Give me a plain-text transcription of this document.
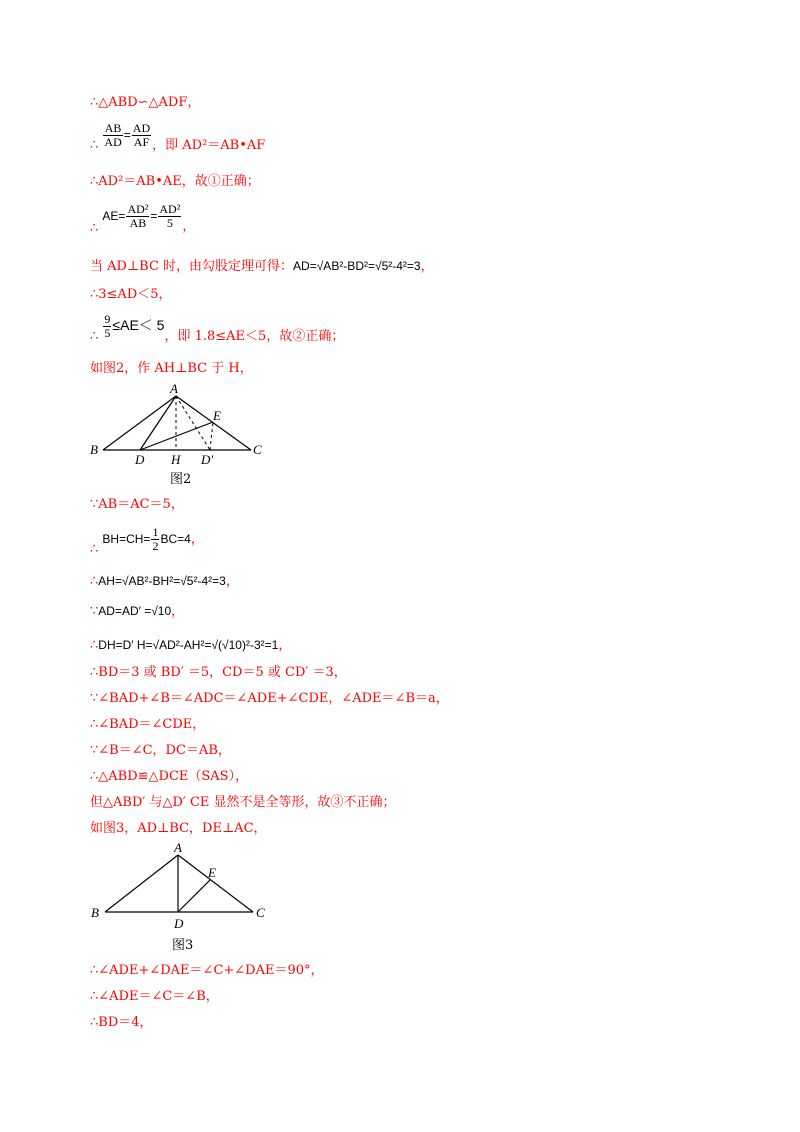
∴△ABD∽△ADF，
∴ $\frac{AB}{AD} = \frac{AD}{AF}$ ，即 AD²＝AB•AF
∴AD²＝AB•AE，故①正确；
∴ $AE= \frac{\text{AD²}}{AB} = \frac{\text{AD²}}{5}$ ，
当 AD⊥BC 时，由勾股定理可得：AD=√AB²-BD²=√5²-4²=3，
∴3≤AD＜5，
∴ $\frac{9}{5} \le AE< 5$，即 1.8≤AE＜5，故②正确；
如图2，作 AH⊥BC 于 H，
A
B	C
D
E
H D′
图2
∵AB＝AC＝5，
∴ $BH=CH= \frac{1}{2} BC=4$，
∴AH=√AB²-BH²=√5²-4²=3，
∵AD=AD′ =√10，
∴DH=D′ H=√AD²-AH²=√(√10)²-3²=1，
∴BD＝3 或 BD′ ＝5，CD＝5 或 CD′ ＝3，
∵∠BAD+∠B＝∠ADC＝∠ADE+∠CDE，∠ADE＝∠B＝a，
∴∠BAD＝∠CDE，
∵∠B＝∠C，DC＝AB，
∴△ABD≌△DCE（SAS），
但△ABD′ 与△D′ CE 显然不是全等形，故③不正确；
如图3，AD⊥BC，DE⊥AC，
A
B	C
D
E
图3
∴∠ADE+∠DAE＝∠C+∠DAE＝90°，
∴∠ADE＝∠C＝∠B，
∴BD＝4，
